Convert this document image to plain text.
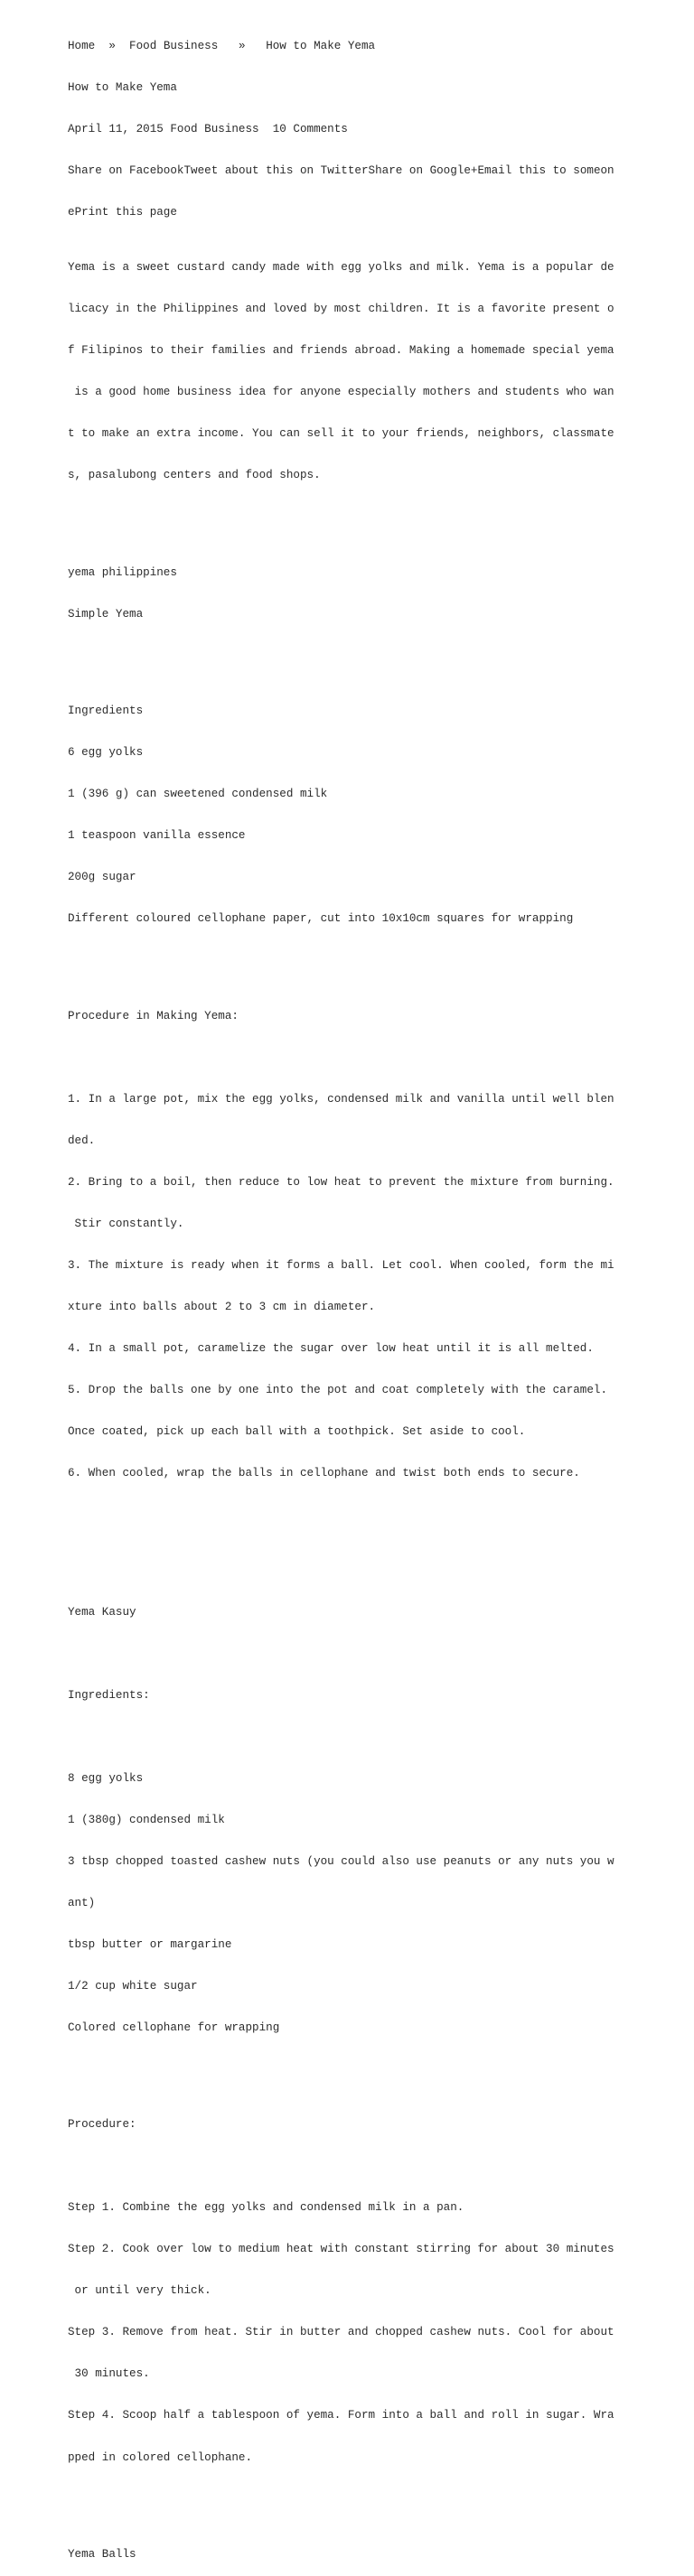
Home  »  Food Business   »   How to Make Yema

How to Make Yema

April 11, 2015 Food Business  10 Comments

Share on FacebookTweet about this on TwitterShare on Google+Email this to someon

ePrint this page

Yema is a sweet custard candy made with egg yolks and milk. Yema is a popular de

licacy in the Philippines and loved by most children. It is a favorite present o

f Filipinos to their families and friends abroad. Making a homemade special yema

is a good home business idea for anyone especially mothers and students who wan

t to make an extra income. You can sell it to your friends, neighbors, classmate

s, pasalubong centers and food shops.

yema philippines

Simple Yema

Ingredients

6 egg yolks

1 (396 g) can sweetened condensed milk

1 teaspoon vanilla essence

200g sugar

Different coloured cellophane paper, cut into 10x10cm squares for wrapping

Procedure in Making Yema:

1. In a large pot, mix the egg yolks, condensed milk and vanilla until well blen

ded.

2. Bring to a boil, then reduce to low heat to prevent the mixture from burning.

Stir constantly.

3. The mixture is ready when it forms a ball. Let cool. When cooled, form the mi

xture into balls about 2 to 3 cm in diameter.

4. In a small pot, caramelize the sugar over low heat until it is all melted.

5. Drop the balls one by one into the pot and coat completely with the caramel.

Once coated, pick up each ball with a toothpick. Set aside to cool.

6. When cooled, wrap the balls in cellophane and twist both ends to secure.

Yema Kasuy

Ingredients:

8 egg yolks

1 (380g) condensed milk

3 tbsp chopped toasted cashew nuts (you could also use peanuts or any nuts you w

ant)

tbsp butter or margarine

1/2 cup white sugar

Colored cellophane for wrapping

Procedure:

Step 1. Combine the egg yolks and condensed milk in a pan.

Step 2. Cook over low to medium heat with constant stirring for about 30 minutes

or until very thick.

Step 3. Remove from heat. Stir in butter and chopped cashew nuts. Cool for about

30 minutes.

Step 4. Scoop half a tablespoon of yema. Form into a ball and roll in sugar. Wra

pped in colored cellophane.

Yema Balls
